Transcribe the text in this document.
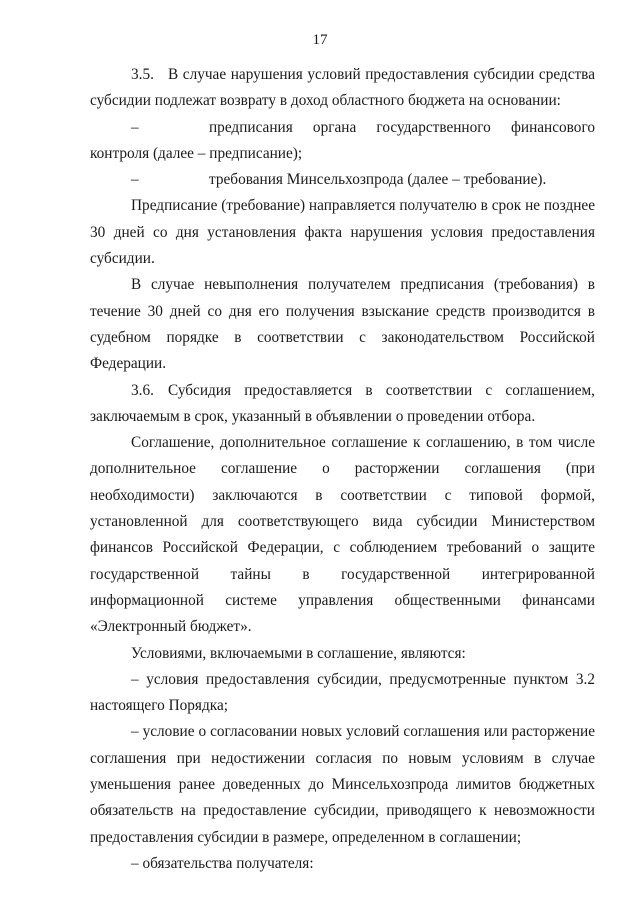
17

3.5. В случае нарушения условий предоставления субсидии средства субсидии подлежат возврату в доход областного бюджета на основании:

–	предписания органа государственного финансового контроля (далее – предписание);

–	требования Минсельхозпрода (далее – требование).

Предписание (требование) направляется получателю в срок не позднее 30 дней со дня установления факта нарушения условия предоставления субсидии.

В случае невыполнения получателем предписания (требования) в течение 30 дней со дня его получения взыскание средств производится в судебном порядке в соответствии с законодательством Российской Федерации.

3.6. Субсидия предоставляется в соответствии с соглашением, заключаемым в срок, указанный в объявлении о проведении отбора.

Соглашение, дополнительное соглашение к соглашению, в том числе дополнительное соглашение о расторжении соглашения (при необходимости) заключаются в соответствии с типовой формой, установленной для соответствующего вида субсидии Министерством финансов Российской Федерации, с соблюдением требований о защите государственной тайны в государственной интегрированной информационной системе управления общественными финансами «Электронный бюджет».

Условиями, включаемыми в соглашение, являются:

– условия предоставления субсидии, предусмотренные пунктом 3.2 настоящего Порядка;

– условие о согласовании новых условий соглашения или расторжение соглашения при недостижении согласия по новым условиям в случае уменьшения ранее доведенных до Минсельхозпрода лимитов бюджетных обязательств на предоставление субсидии, приводящего к невозможности предоставления субсидии в размере, определенном в соглашении;

– обязательства получателя:
